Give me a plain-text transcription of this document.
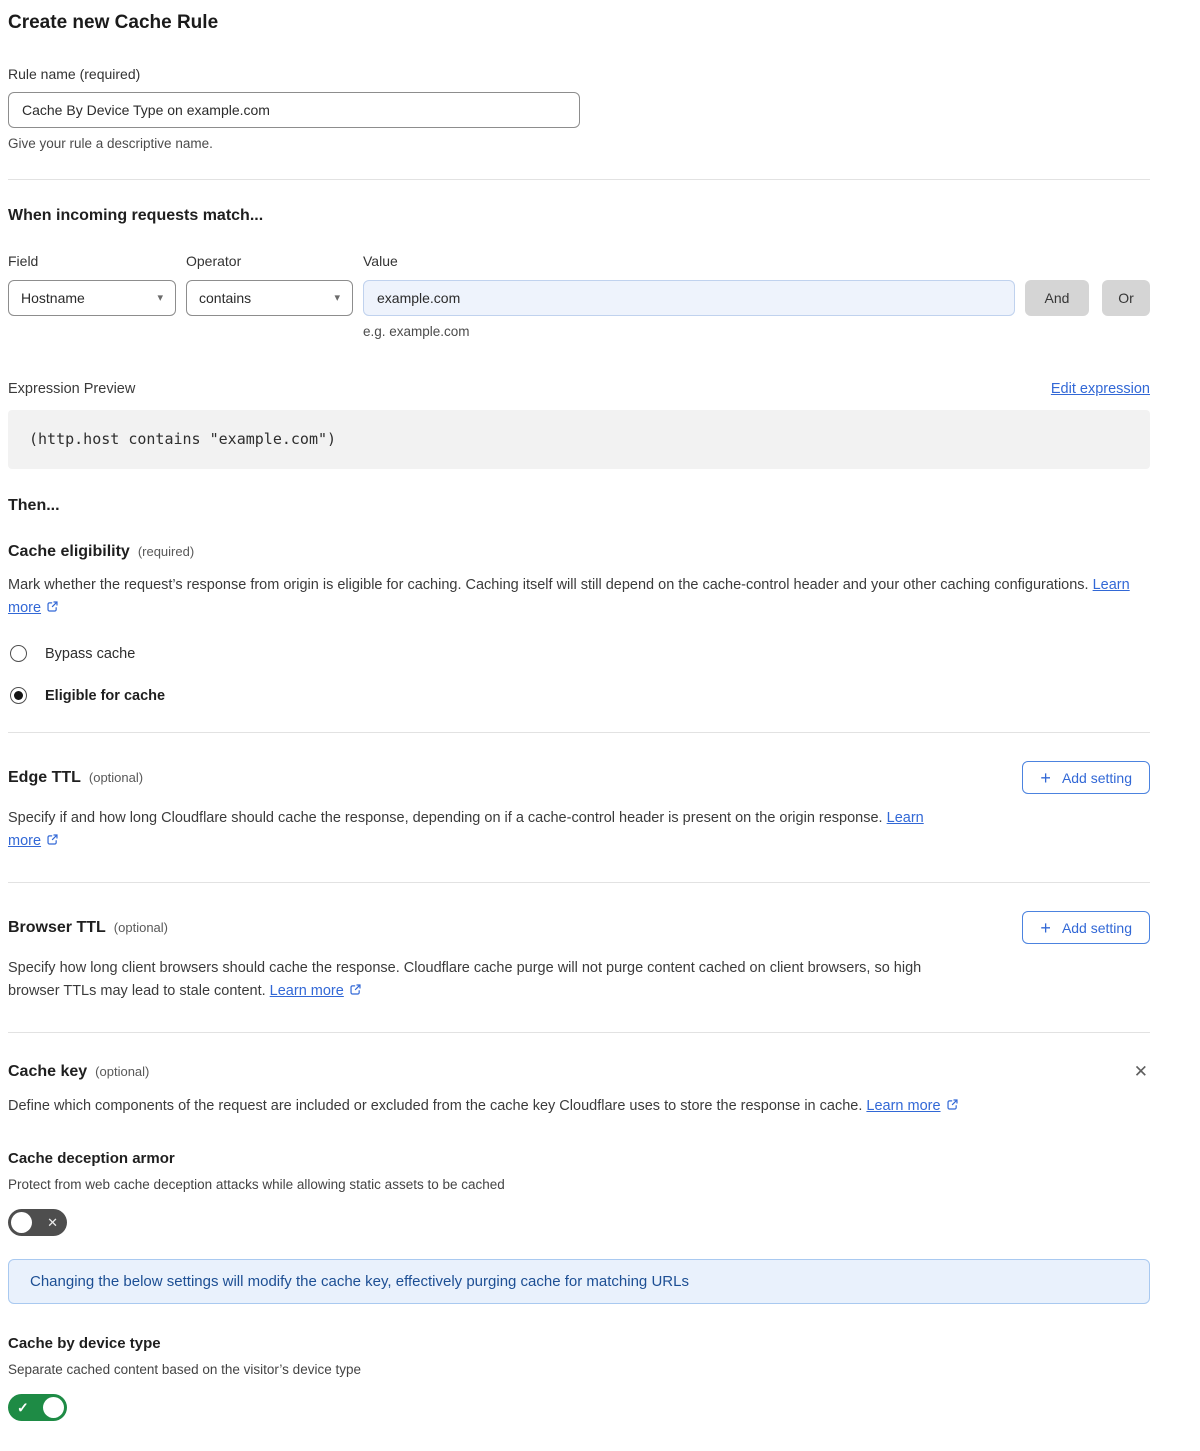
Create new Cache Rule
Rule name (required)
Cache By Device Type on example.com
Give your rule a descriptive name.
When incoming requests match...
Field
Hostname	▾
Operator
contains	▾
Value
example.com
e.g. example.com
And	Or
Expression Preview	Edit expression
(http.host contains "example.com")
Then...
Cache eligibility (required)

Mark whether the request’s response from origin is eligible for caching. Caching itself will still depend on the cache-control header and your other caching configurations. Learn more

Bypass cache
Eligible for cache
Edge TTL (optional)	+ Add setting

Specify if and how long Cloudflare should cache the response, depending on if a cache-control header is present on the origin response. Learn more

Browser TTL (optional)	+ Add setting

Specify how long client browsers should cache the response. Cloudflare cache purge will not purge content cached on client browsers, so high browser TTLs may lead to stale content. Learn more

Cache key (optional)	✕

Define which components of the request are included or excluded from the cache key Cloudflare uses to store the response in cache. Learn more

Cache deception armor
Protect from web cache deception attacks while allowing static assets to be cached
✕
Changing the below settings will modify the cache key, effectively purging cache for matching URLs
Cache by device type
Separate cached content based on the visitor’s device type
✓
